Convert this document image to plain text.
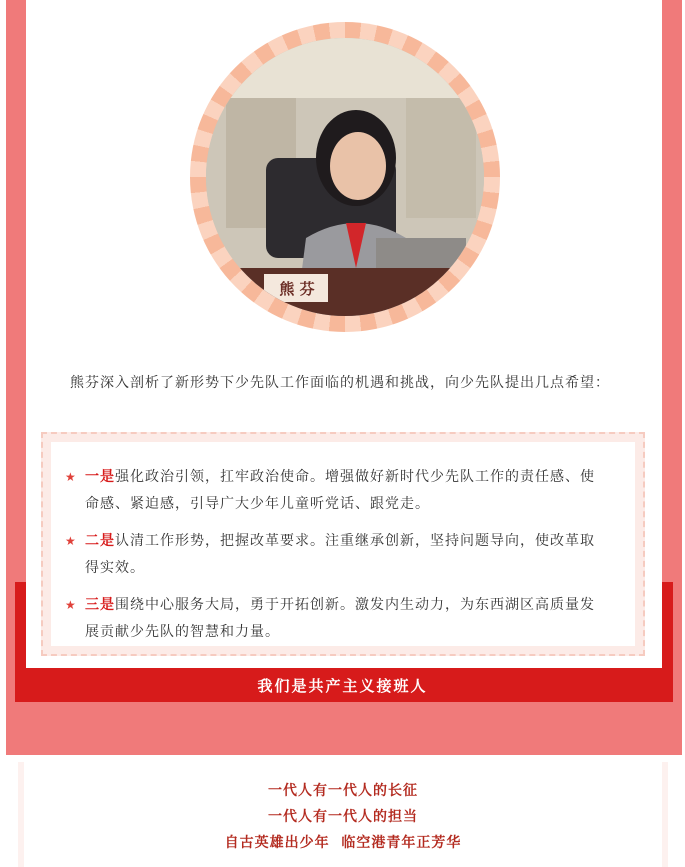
熊 芬

熊芬深入剖析了新形势下少先队工作面临的机遇和挑战，向少先队提出几点希望：

★ 一是强化政治引领，扛牢政治使命。增强做好新时代少先队工作的责任感、使命感、紧迫感，引导广大少年儿童听党话、跟党走。
★ 二是认清工作形势，把握改革要求。注重继承创新，坚持问题导向，使改革取得实效。
★ 三是围绕中心服务大局，勇于开拓创新。激发内生动力，为东西湖区高质量发展贡献少先队的智慧和力量。
我们是共产主义接班人
一代人有一代人的长征
一代人有一代人的担当
自古英雄出少年  临空港青年正芳华
